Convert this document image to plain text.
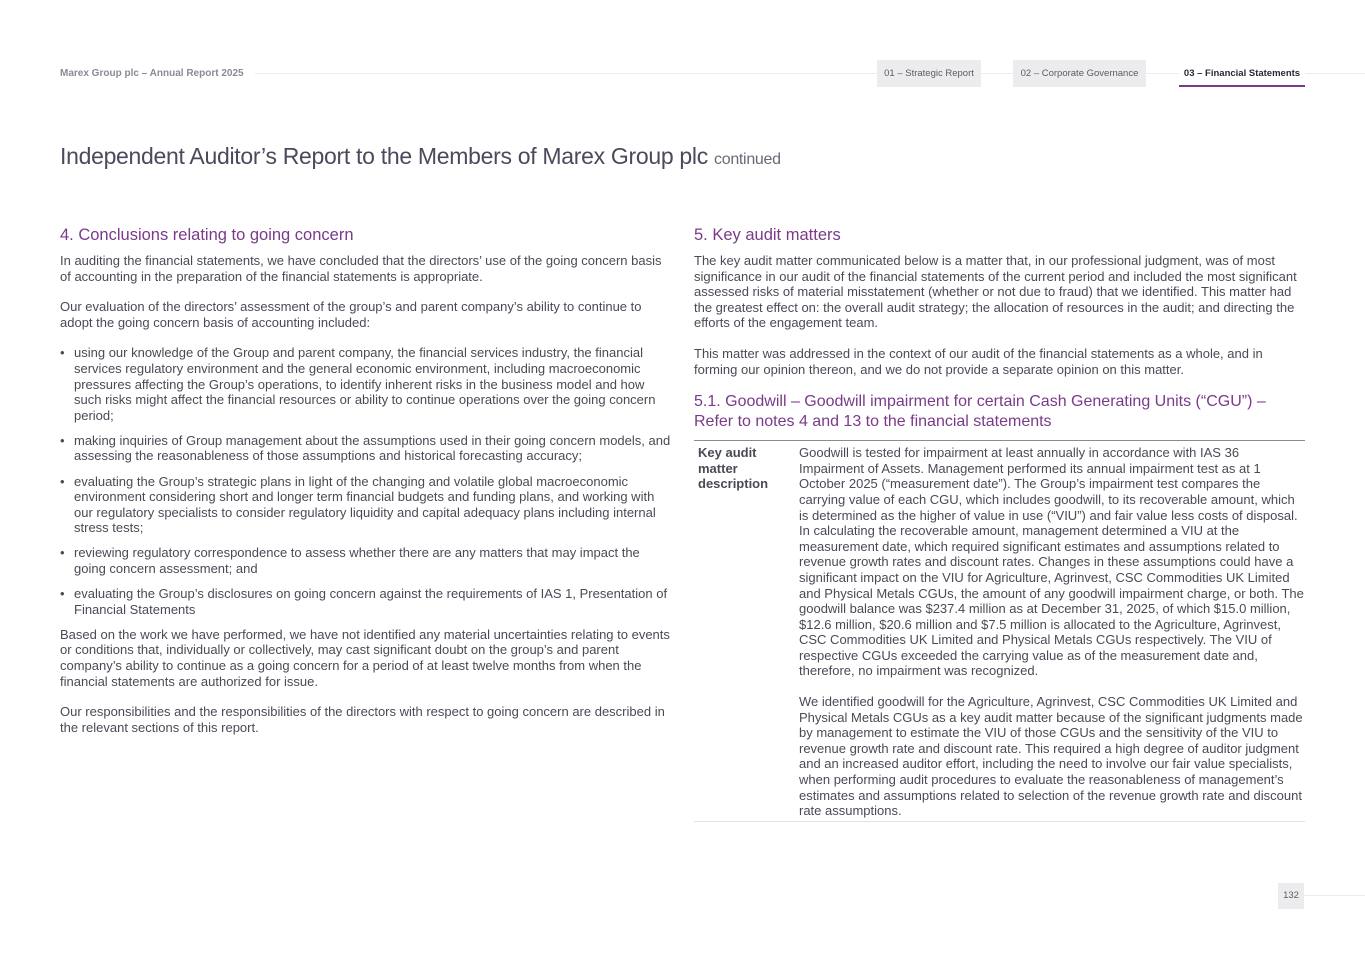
Marex Group plc – Annual Report 2025	01 – Strategic Report	02 – Corporate Governance	03 – Financial Statements
Independent Auditor’s Report to the Members of Marex Group plc continued
4. Conclusions relating to going concern

In auditing the financial statements, we have concluded that the directors’ use of the going concern basis of accounting in the preparation of the financial statements is appropriate.

Our evaluation of the directors’ assessment of the group’s and parent company’s ability to continue to adopt the going concern basis of accounting included:

• using our knowledge of the Group and parent company, the financial services industry, the financial services regulatory environment and the general economic environment, including macroeconomic pressures affecting the Group’s operations, to identify inherent risks in the business model and how such risks might affect the financial resources or ability to continue operations over the going concern period;
• making inquiries of Group management about the assumptions used in their going concern models, and assessing the reasonableness of those assumptions and historical forecasting accuracy;
• evaluating the Group’s strategic plans in light of the changing and volatile global macroeconomic environment considering short and longer term financial budgets and funding plans, and working with our regulatory specialists to consider regulatory liquidity and capital adequacy plans including internal stress tests;
• reviewing regulatory correspondence to assess whether there are any matters that may impact the going concern assessment; and
• evaluating the Group’s disclosures on going concern against the requirements of IAS 1, Presentation of Financial Statements

Based on the work we have performed, we have not identified any material uncertainties relating to events or conditions that, individually or collectively, may cast significant doubt on the group’s and parent company’s ability to continue as a going concern for a period of at least twelve months from when the financial statements are authorized for issue.

Our responsibilities and the responsibilities of the directors with respect to going concern are described in the relevant sections of this report.

5. Key audit matters

The key audit matter communicated below is a matter that, in our professional judgment, was of most significance in our audit of the financial statements of the current period and included the most significant assessed risks of material misstatement (whether or not due to fraud) that we identified. This matter had the greatest effect on: the overall audit strategy; the allocation of resources in the audit; and directing the efforts of the engagement team.

This matter was addressed in the context of our audit of the financial statements as a whole, and in forming our opinion thereon, and we do not provide a separate opinion on this matter.

5.1. Goodwill – Goodwill impairment for certain Cash Generating Units (“CGU”) – Refer to notes 4 and 13 to the financial statements
Key audit matter description

Goodwill is tested for impairment at least annually in accordance with IAS 36 Impairment of Assets. Management performed its annual impairment test as at 1 October 2025 (“measurement date”). The Group’s impairment test compares the carrying value of each CGU, which includes goodwill, to its recoverable amount, which is determined as the higher of value in use (“VIU”) and fair value less costs of disposal. In calculating the recoverable amount, management determined a VIU at the measurement date, which required significant estimates and assumptions related to revenue growth rates and discount rates. Changes in these assumptions could have a significant impact on the VIU for Agriculture, Agrinvest, CSC Commodities UK Limited and Physical Metals CGUs, the amount of any goodwill impairment charge, or both. The goodwill balance was $237.4 million as at December 31, 2025, of which $15.0 million, $12.6 million, $20.6 million and $7.5 million is allocated to the Agriculture, Agrinvest, CSC Commodities UK Limited and Physical Metals CGUs respectively. The VIU of respective CGUs exceeded the carrying value as of the measurement date and, therefore, no impairment was recognized.

We identified goodwill for the Agriculture, Agrinvest, CSC Commodities UK Limited and Physical Metals CGUs as a key audit matter because of the significant judgments made by management to estimate the VIU of those CGUs and the sensitivity of the VIU to revenue growth rate and discount rate. This required a high degree of auditor judgment and an increased auditor effort, including the need to involve our fair value specialists, when performing audit procedures to evaluate the reasonableness of management’s estimates and assumptions related to selection of the revenue growth rate and discount rate assumptions.

132
